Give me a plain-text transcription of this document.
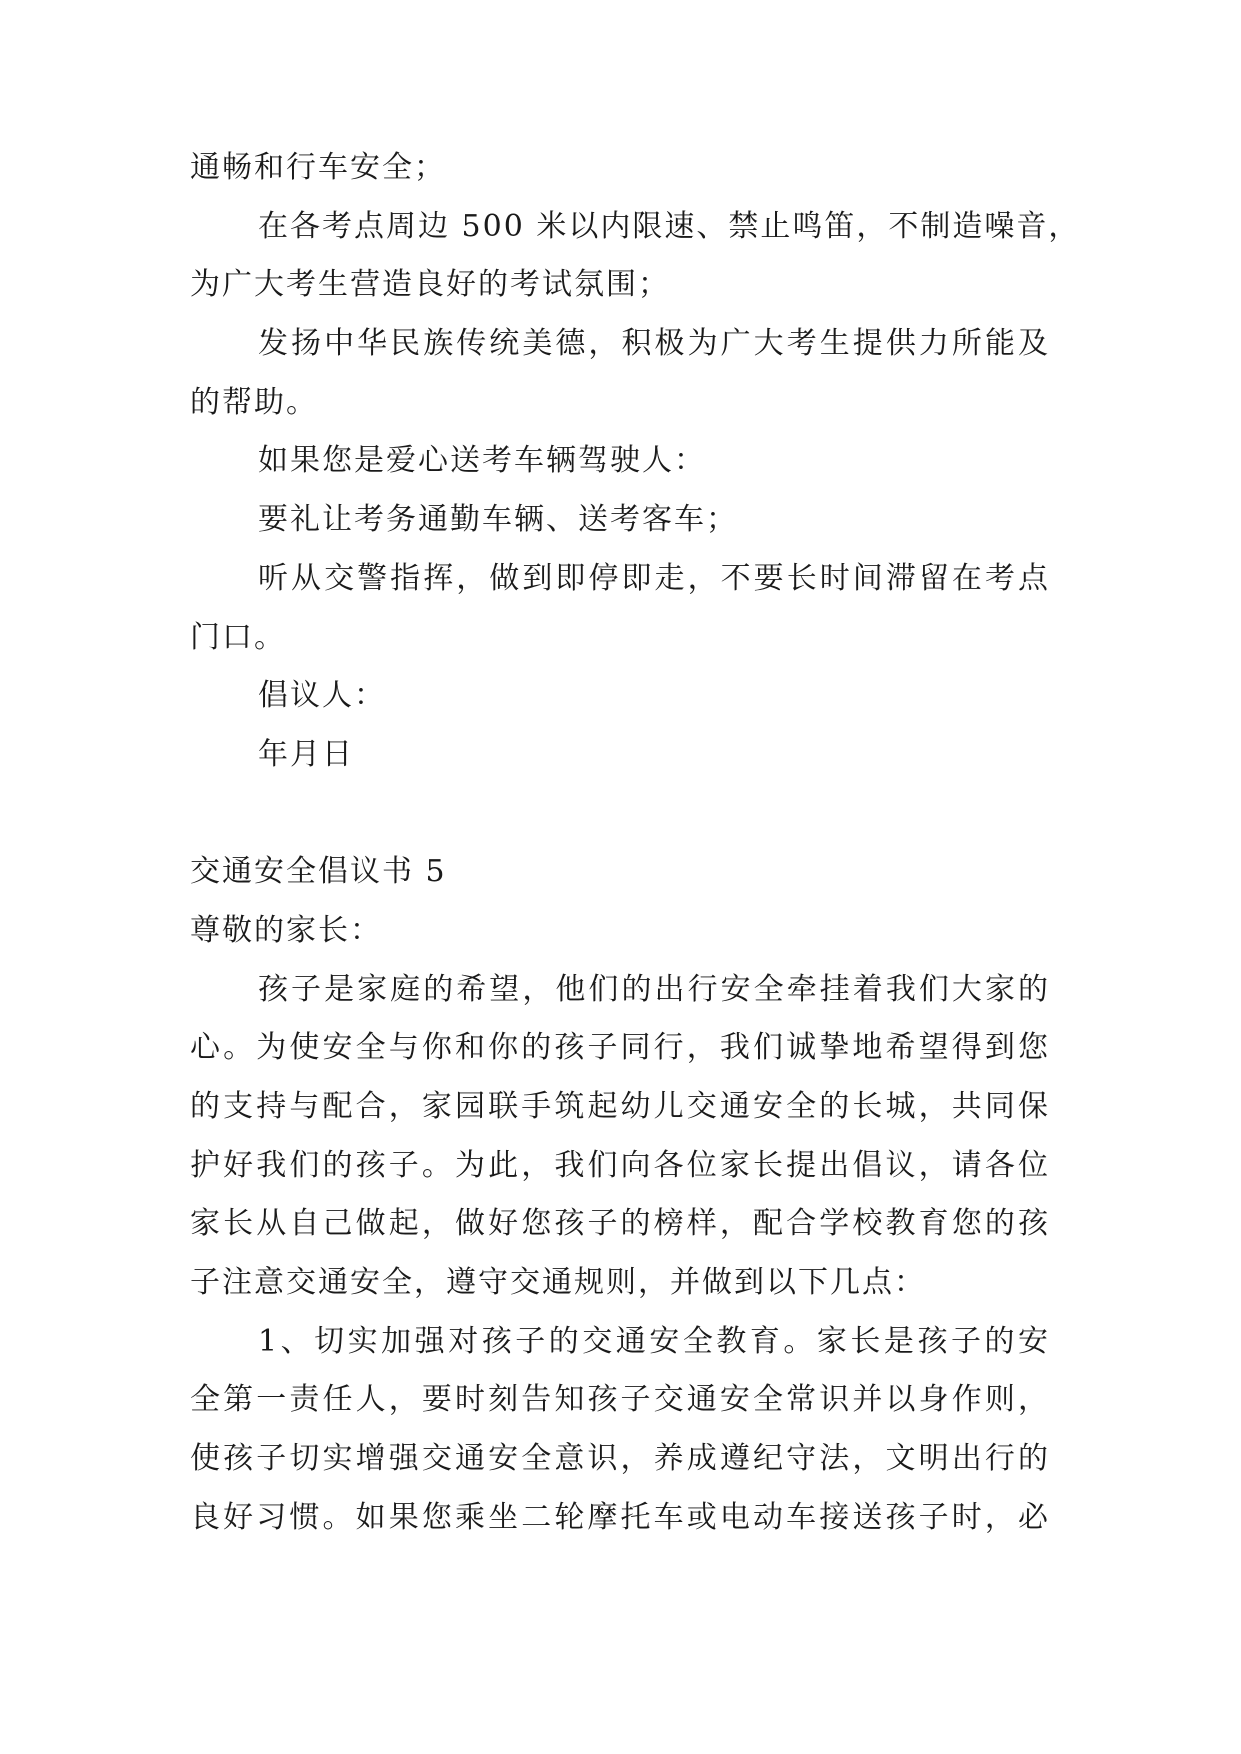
通畅和行车安全；
在各考点周边 500 米以内限速、禁止鸣笛，不制造噪音，
为广大考生营造良好的考试氛围；
发扬中华民族传统美德，积极为广大考生提供力所能及
的帮助。
如果您是爱心送考车辆驾驶人：
要礼让考务通勤车辆、送考客车；
听从交警指挥，做到即停即走，不要长时间滞留在考点
门口。
倡议人：
年月日
交通安全倡议书 5
尊敬的家长：
孩子是家庭的希望，他们的出行安全牵挂着我们大家的
心。为使安全与你和你的孩子同行，我们诚挚地希望得到您
的支持与配合，家园联手筑起幼儿交通安全的长城，共同保
护好我们的孩子。为此，我们向各位家长提出倡议，请各位
家长从自己做起，做好您孩子的榜样，配合学校教育您的孩
子注意交通安全，遵守交通规则，并做到以下几点：
1、切实加强对孩子的交通安全教育。家长是孩子的安
全第一责任人，要时刻告知孩子交通安全常识并以身作则，
使孩子切实增强交通安全意识，养成遵纪守法，文明出行的
良好习惯。如果您乘坐二轮摩托车或电动车接送孩子时，必
